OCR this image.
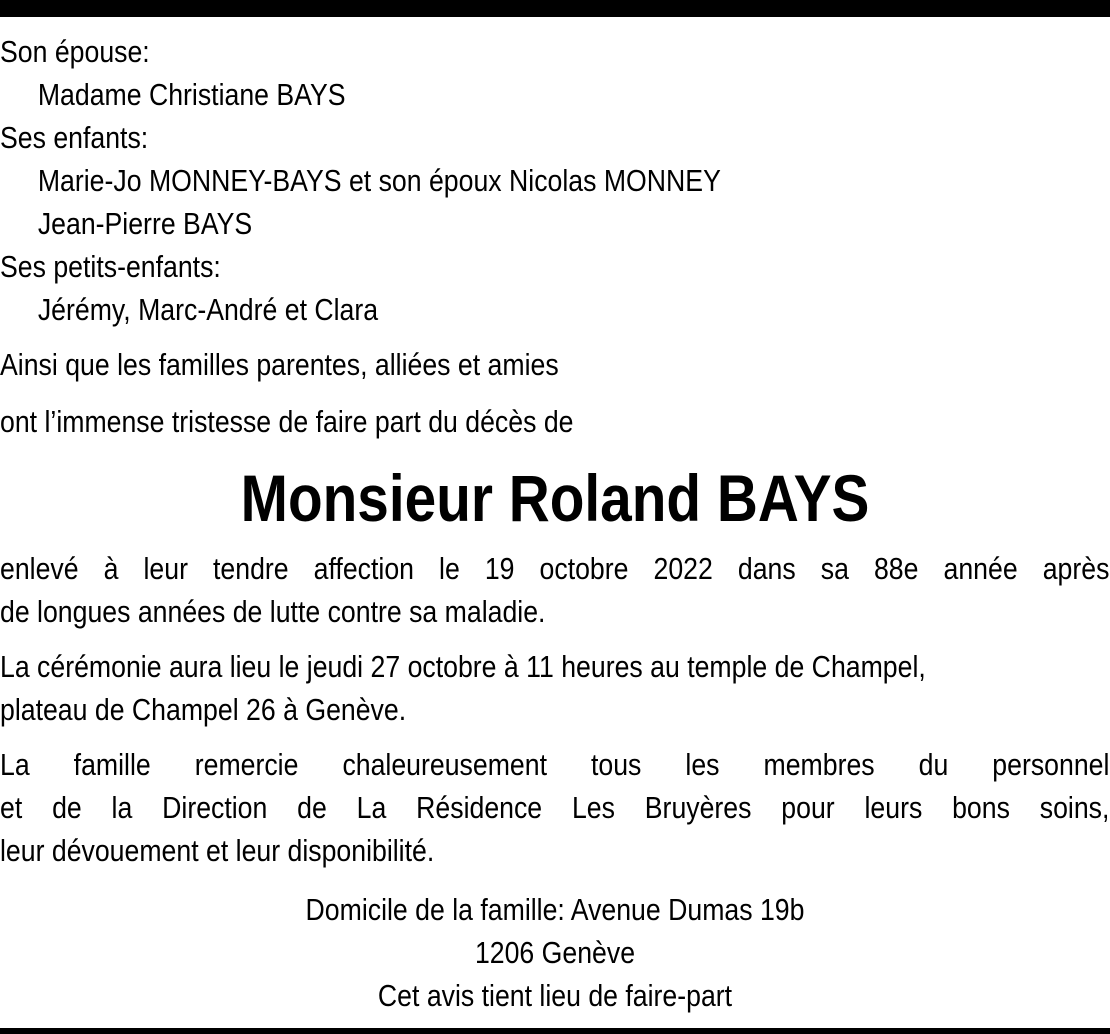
Son épouse:
Madame Christiane BAYS
Ses enfants:
Marie-Jo MONNEY-BAYS et son époux Nicolas MONNEY
Jean-Pierre BAYS
Ses petits-enfants:
Jérémy, Marc-André et Clara
Ainsi que les familles parentes, alliées et amies
ont l’immense tristesse de faire part du décès de
Monsieur Roland BAYS
enlevé à leur tendre affection le 19 octobre 2022 dans sa 88e année après
de longues années de lutte contre sa maladie.
La cérémonie aura lieu le jeudi 27 octobre à 11 heures au temple de Champel,
plateau de Champel 26 à Genève.
La famille remercie chaleureusement tous les membres du personnel
et de la Direction de La Résidence Les Bruyères pour leurs bons soins,
leur dévouement et leur disponibilité.
Domicile de la famille: Avenue Dumas 19b
1206 Genève
Cet avis tient lieu de faire-part
